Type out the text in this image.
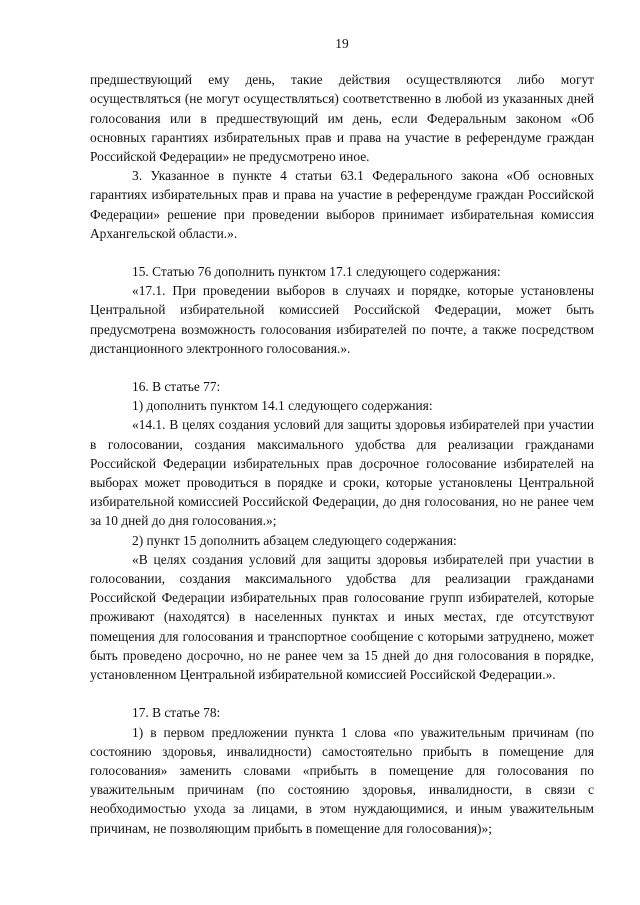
19

предшествующий ему день, такие действия осуществляются либо могут осуществляться (не могут осуществляться) соответственно в любой из указанных дней голосования или в предшествующий им день, если Федеральным законом «Об основных гарантиях избирательных прав и права на участие в референдуме граждан Российской Федерации» не предусмотрено иное.

3. Указанное в пункте 4 статьи 63.1 Федерального закона «Об основных гарантиях избирательных прав и права на участие в референдуме граждан Российской Федерации» решение при проведении выборов принимает избирательная комиссия Архангельской области.».

15. Статью 76 дополнить пунктом 17.1 следующего содержания:

«17.1. При проведении выборов в случаях и порядке, которые установлены Центральной избирательной комиссией Российской Федерации, может быть предусмотрена возможность голосования избирателей по почте, а также посредством дистанционного электронного голосования.».

16. В статье 77:

1) дополнить пунктом 14.1 следующего содержания:

«14.1. В целях создания условий для защиты здоровья избирателей при участии в голосовании, создания максимального удобства для реализации гражданами Российской Федерации избирательных прав досрочное голосование избирателей на выборах может проводиться в порядке и сроки, которые установлены Центральной избирательной комиссией Российской Федерации, до дня голосования, но не ранее чем за 10 дней до дня голосования.»;

2) пункт 15 дополнить абзацем следующего содержания:

«В целях создания условий для защиты здоровья избирателей при участии в голосовании, создания максимального удобства для реализации гражданами Российской Федерации избирательных прав голосование групп избирателей, которые проживают (находятся) в населенных пунктах и иных местах, где отсутствуют помещения для голосования и транспортное сообщение с которыми затруднено, может быть проведено досрочно, но не ранее чем за 15 дней до дня голосования в порядке, установленном Центральной избирательной комиссией Российской Федерации.».

17. В статье 78:

1) в первом предложении пункта 1 слова «по уважительным причинам (по состоянию здоровья, инвалидности) самостоятельно прибыть в помещение для голосования» заменить словами «прибыть в помещение для голосования по уважительным причинам (по состоянию здоровья, инвалидности, в связи с необходимостью ухода за лицами, в этом нуждающимися, и иным уважительным причинам, не позволяющим прибыть в помещение для голосования)»;
